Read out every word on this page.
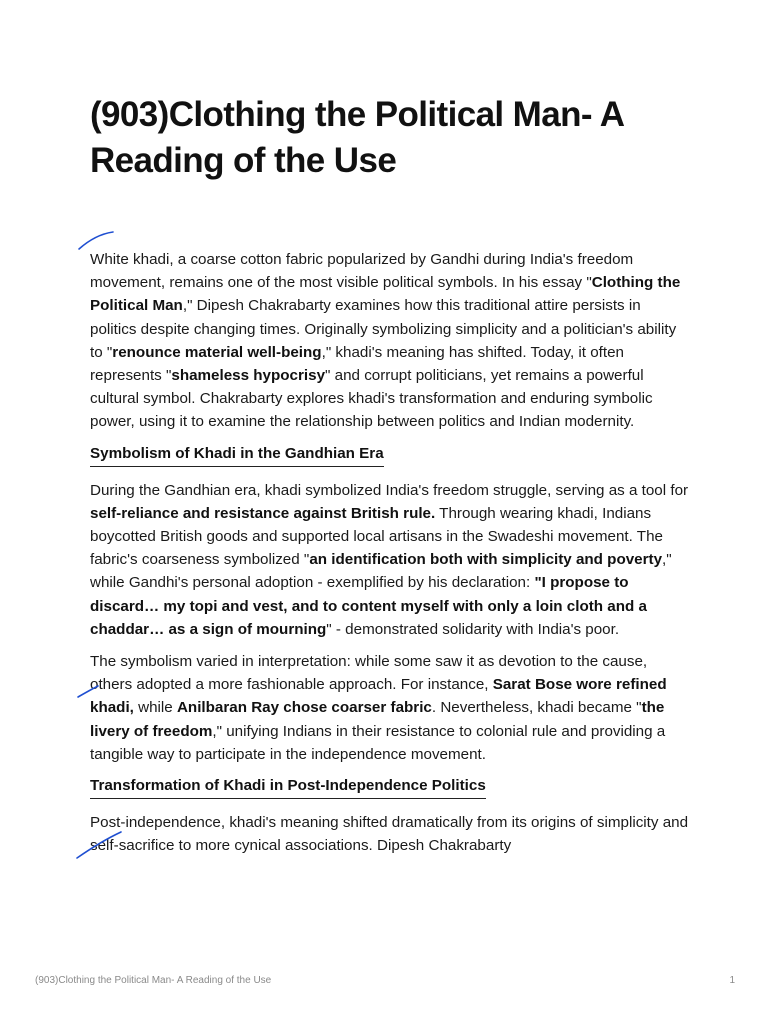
(903)Clothing the Political Man- A Reading of the Use

White khadi, a coarse cotton fabric popularized by Gandhi during India's freedom movement, remains one of the most visible political symbols. In his essay "Clothing the Political Man," Dipesh Chakrabarty examines how this traditional attire persists in politics despite changing times. Originally symbolizing simplicity and a politician's ability to "renounce material well-being," khadi's meaning has shifted. Today, it often represents "shameless hypocrisy" and corrupt politicians, yet remains a powerful cultural symbol. Chakrabarty explores khadi's transformation and enduring symbolic power, using it to examine the relationship between politics and Indian modernity.

Symbolism of Khadi in the Gandhian Era

During the Gandhian era, khadi symbolized India's freedom struggle, serving as a tool for self-reliance and resistance against British rule. Through wearing khadi, Indians boycotted British goods and supported local artisans in the Swadeshi movement. The fabric's coarseness symbolized "an identification both with simplicity and poverty," while Gandhi's personal adoption - exemplified by his declaration: "I propose to discard… my topi and vest, and to content myself with only a loin cloth and a chaddar… as a sign of mourning" - demonstrated solidarity with India's poor.

The symbolism varied in interpretation: while some saw it as devotion to the cause, others adopted a more fashionable approach. For instance, Sarat Bose wore refined khadi, while Anilbaran Ray chose coarser fabric. Nevertheless, khadi became "the livery of freedom," unifying Indians in their resistance to colonial rule and providing a tangible way to participate in the independence movement.

Transformation of Khadi in Post-Independence Politics

Post-independence, khadi's meaning shifted dramatically from its origins of simplicity and self-sacrifice to more cynical associations. Dipesh Chakrabarty

(903)Clothing the Political Man- A Reading of the Use	1
